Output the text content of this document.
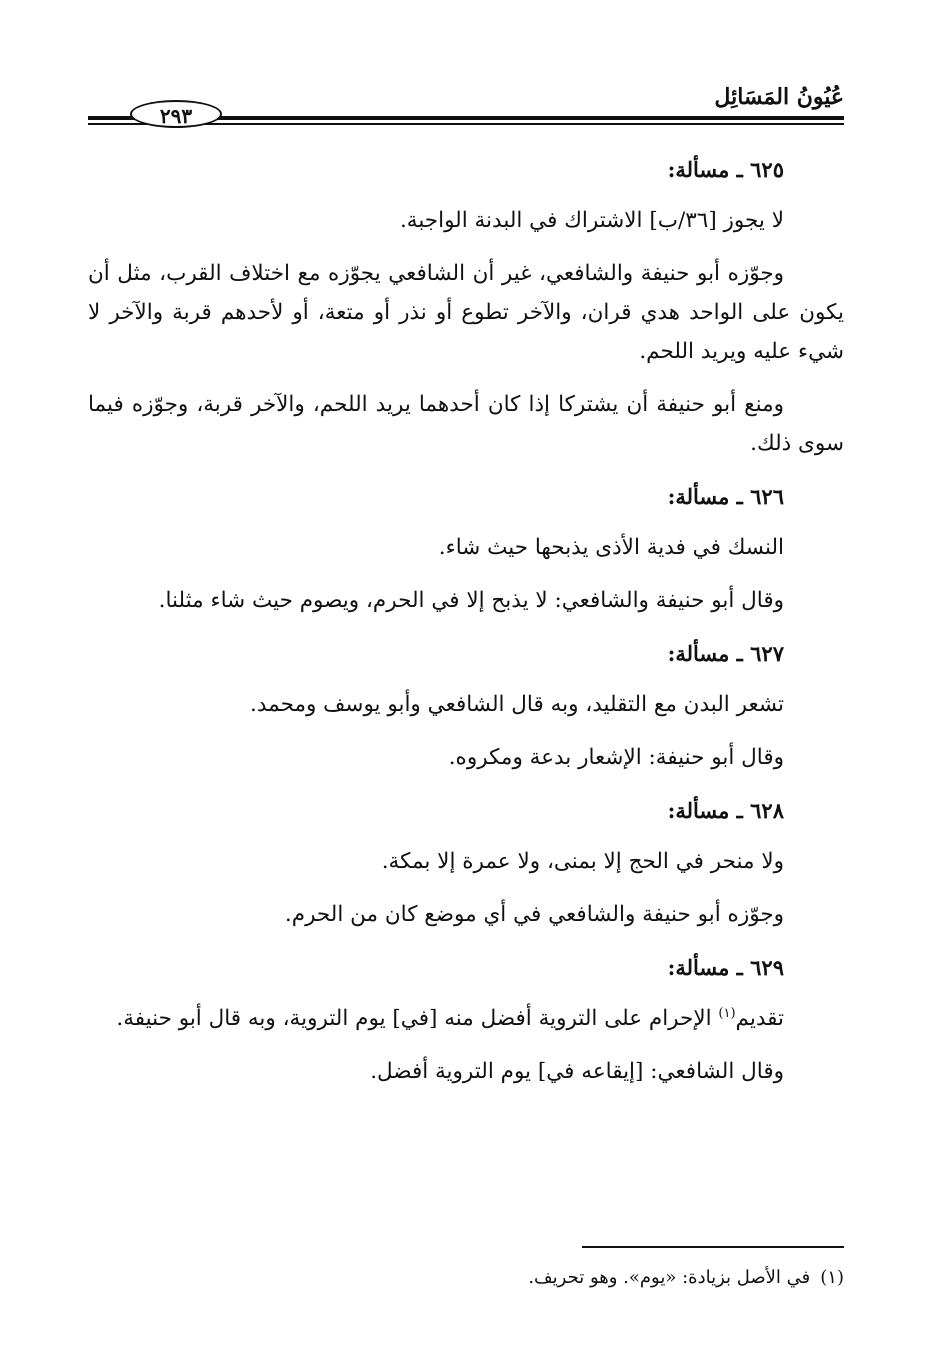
عُيُونُ المَسَائِل
٢٩٣
٦٢٥ ـ مسألة:

لا يجوز [٣٦/ب] الاشتراك في البدنة الواجبة.

وجوّزه أبو حنيفة والشافعي، غير أن الشافعي يجوّزه مع اختلاف القرب، مثل أن يكون على الواحد هدي قران، والآخر تطوع أو نذر أو متعة، أو لأحدهم قربة والآخر لا شيء عليه ويريد اللحم.

ومنع أبو حنيفة أن يشتركا إذا كان أحدهما يريد اللحم، والآخر قربة، وجوّزه فيما سوى ذلك.

٦٢٦ ـ مسألة:

النسك في فدية الأذى يذبحها حيث شاء.

وقال أبو حنيفة والشافعي: لا يذبح إلا في الحرم، ويصوم حيث شاء مثلنا.

٦٢٧ ـ مسألة:

تشعر البدن مع التقليد، وبه قال الشافعي وأبو يوسف ومحمد.

وقال أبو حنيفة: الإشعار بدعة ومكروه.

٦٢٨ ـ مسألة:

ولا منحر في الحج إلا بمنى، ولا عمرة إلا بمكة.

وجوّزه أبو حنيفة والشافعي في أي موضع كان من الحرم.

٦٢٩ ـ مسألة:

تقديم$^{(١)}$ الإحرام على التروية أفضل منه [في] يوم التروية، وبه قال أبو حنيفة.

وقال الشافعي: [إيقاعه في] يوم التروية أفضل.

(١)في الأصل بزيادة: «يوم». وهو تحريف.
